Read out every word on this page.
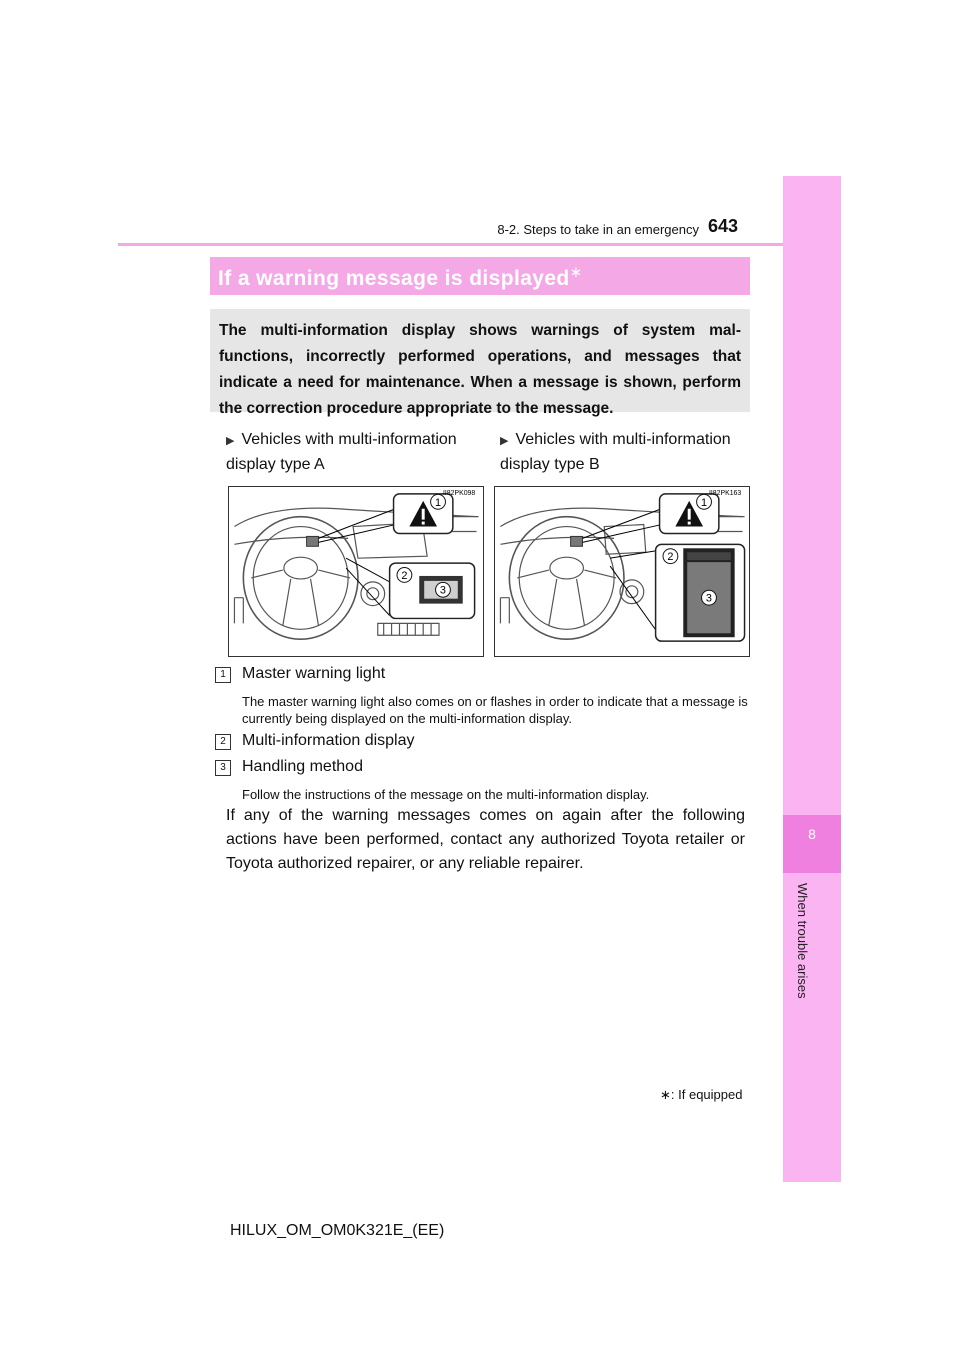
8-2. Steps to take in an emergency 643
8
When trouble arises
If a warning message is displayed∗
The multi-information display shows warnings of system mal-functions, incorrectly performed operations, and messages that indicate a need for maintenance. When a message is shown, perform the correction procedure appropriate to the message.
▶ Vehicles with multi-information display type A
▶ Vehicles with multi-information display type B
II82PK098
1
2
3
II82PK163
1
2
3
1	Master warning light
The master warning light also comes on or flashes in order to indicate that a message is currently being displayed on the multi-information display.
2	Multi-information display
3	Handling method
Follow the instructions of the message on the multi-information display.
If any of the warning messages comes on again after the following actions have been performed, contact any authorized Toyota retailer or Toyota authorized repairer, or any reliable repairer.
∗: If equipped
HILUX_OM_OM0K321E_(EE)
